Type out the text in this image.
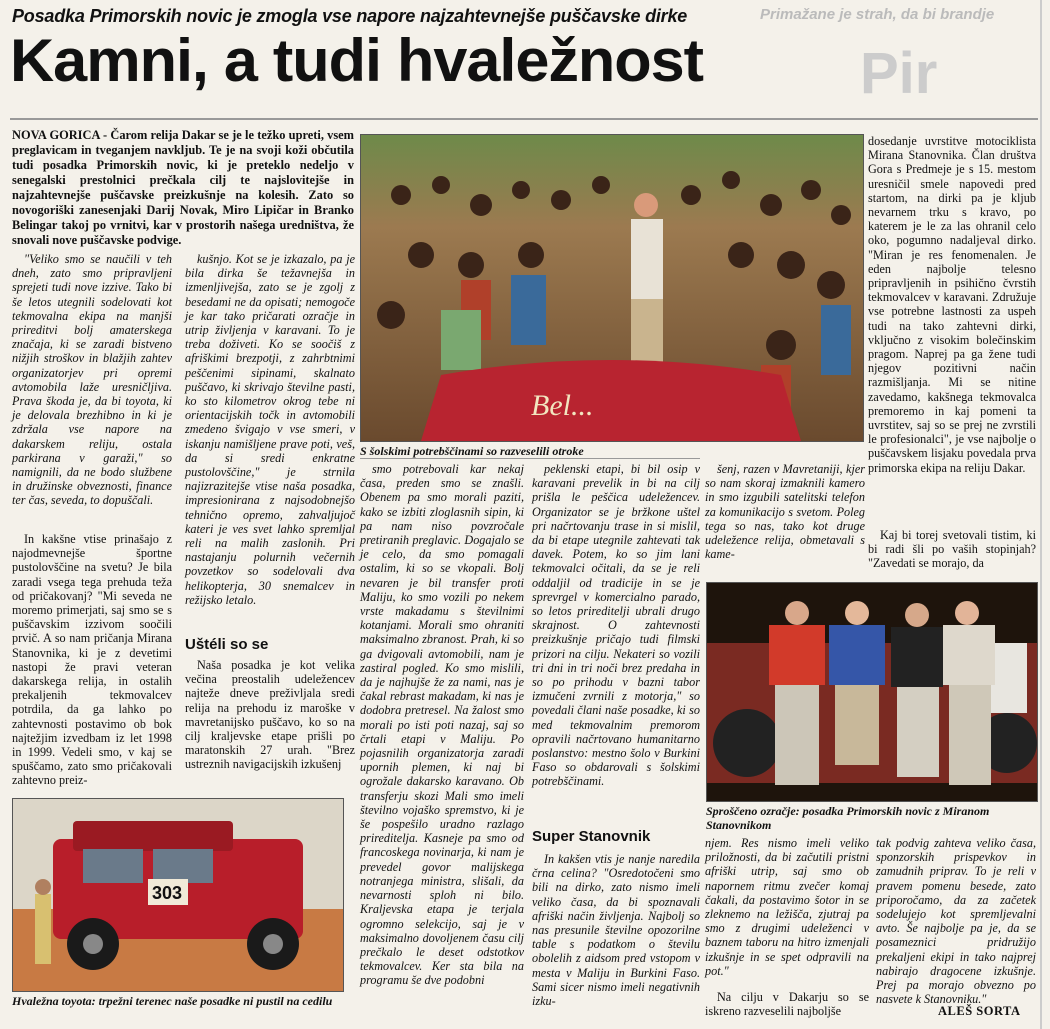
Primažane je strah, da bi brandje
Pir
Posadka Primorskih novic je zmogla vse napore najzahtevnejše puščavske dirke
Kamni, a tudi hvaležnost
NOVA GORICA - Čarom relija Dakar se je le težko upreti, vsem preglavicam in tveganjem navkljub. Te je na svoji koži občutila tudi posadka Primorskih novic, ki je preteklo nedeljo v senegalski prestolnici prečkala cilj te najslovitejše in najzahtevnejše puščavske preizkušnje na kolesih. Zato so novogoriški zanesenjaki Darij Novak, Miro Lipičar in Branko Belingar takoj po vrnitvi, kar v prostorih našega uredništva, že snovali nove puščavske podvige.

"Veliko smo se naučili v teh dneh, zato smo pripravljeni sprejeti tudi nove izzive. Tako bi še letos utegnili sodelovati kot tekmovalna ekipa na manjši prireditvi bolj amaterskega značaja, ki se zaradi bistveno nižjih stroškov in blažjih zahtev organizatorjev pri opremi avtomobila laže uresničljiva. Prava škoda je, da bi toyota, ki je delovala brezhibno in ki je zdržala vse napore na dakarskem reliju, ostala parkirana v garaži," so namignili, da ne bodo službene in družinske obveznosti, finance ter čas, seveda, to dopuščali.

In kakšne vtise prinašajo z najodmevnejše športne pustolovščine na svetu? Je bila zaradi vsega tega prehuda teža od pričakovanj? "Mi seveda ne moremo primerjati, saj smo se s puščavskim izzivom soočili prvič. A so nam pričanja Mirana Stanovnika, ki je z devetimi nastopi že pravi veteran dakarskega relija, in ostalih prekaljenih tekmovalcev potrdila, da ga lahko po zahtevnosti postavimo ob bok najtežjim izvedbam iz let 1998 in 1999. Vedeli smo, v kaj se spuščamo, zato smo pričakovali zahtevno preiz-

kušnjo. Kot se je izkazalo, pa je bila dirka še težavnejša in izmenljivejša, zato se je zgolj z besedami ne da opisati; nemogoče je kar tako pričarati ozračje in utrip življenja v karavani. To je treba doživeti. Ko se soočiš z afriškimi brezpotji, z zahrbtnimi peščenimi sipinami, skalnato puščavo, ki skrivajo številne pasti, ko sto kilometrov okrog tebe ni orientacijskih točk in avtomobili zmedeno švigajo v vse smeri, v iskanju namišljene prave poti, veš, da si sredi enkratne pustolovščine," je strnila najizrazitejše vtise naša posadka, impresionirana z najsodobnejšo tehnično opremo, zahvaljujoč kateri je ves svet lahko spremljal reli na malih zaslonih. Pri nastajanju polurnih večernih povzetkov so sodelovali dva helikopterja, 30 snemalcev in režijsko letalo.

Uštéli so se

Naša posadka je kot velika večina preostalih udeležencev najteže dneve preživljala sredi relija na prehodu iz maroške v mavretanijsko puščavo, ko so na cilj kraljevske etape prišli po maratonskih 27 urah. "Brez ustreznih navigacijskih izkušenj

Bel...
S šolskimi potrebščinami so razveselili otroke

smo potrebovali kar nekaj časa, preden smo se znašli. Obenem pa smo morali paziti, kako se izbiti zloglasnih sipin, ki pa nam niso povzročale pretiranih preglavic. Dogajalo se je celo, da smo pomagali ostalim, ki so se vkopali. Bolj nevaren je bil transfer proti Maliju, ko smo vozili po nekem vrste makadamu s številnimi kotanjami. Morali smo ohraniti maksimalno zbranost. Prah, ki so ga dvigovali avtomobili, nam je zastiral pogled. Ko smo mislili, da je najhujše že za nami, nas je čakal rebrast makadam, ki nas je dodobra pretresel. Na žalost smo morali po isti poti nazaj, saj so črtali etapi v Maliju. Po pojasnilih organizatorja zaradi upornih plemen, ki naj bi ogrožale dakarsko karavano. Ob transferju skozi Mali smo imeli številno vojaško spremstvo, ki je še pospešilo uradno razlago prireditelja. Kasneje pa smo od francoskega novinarja, ki nam je prevedel govor malijskega notranjega ministra, slišali, da nevarnosti sploh ni bilo. Kraljevska etapa je terjala ogromno selekcijo, saj je v maksimalno dovoljenem času cilj prečkalo le deset odstotkov tekmovalcev. Ker sta bila na programu še dve podobni

peklenski etapi, bi bil osip v karavani prevelik in bi na cilj prišla le peščica udeležencev. Organizator se je bržkone uštel pri načrtovanju trase in si mislil, da bi etape utegnile zahtevati tak davek. Potem, ko so jim lani tekmovalci očitali, da se je reli oddaljil od tradicije in se je sprevrgel v komercialno parado, so letos prireditelji ubrali drugo skrajnost. O zahtevnosti preizkušnje pričajo tudi filmski prizori na cilju. Nekateri so vozili tri dni in tri noči brez predaha in so po prihodu v bazni tabor izmučeni zvrnili z motorja," so povedali člani naše posadke, ki so med tekmovalnim premorom opravili načrtovano humanitarno poslanstvo: mestno šolo v Burkini Faso so obdarovali s šolskimi potrebščinami.

Super Stanovnik

In kakšen vtis je nanje naredila črna celina? "Osredotočeni smo bili na dirko, zato nismo imeli veliko časa, da bi spoznavali afriški način življenja. Najbolj so nas presunile številne opozorilne table s podatkom o številu obolelih z aidsom pred vstopom v mesta v Maliju in Burkini Faso. Sami sicer nismo imeli negativnih izku-

dosedanje uvrstitve motociklista Mirana Stanovnika. Član društva Gora s Predmeje je s 15. mestom uresničil smele napovedi pred startom, na dirki pa je kljub nevarnem trku s kravo, po katerem je le za las ohranil celo oko, pogumno nadaljeval dirko. "Miran je res fenomenalen. Je eden najbolje telesno pripravljenih in psihično čvrstih tekmovalcev v karavani. Združuje vse potrebne lastnosti za uspeh tudi na tako zahtevni dirki, vključno z visokim bolečinskim pragom. Naprej pa ga žene tudi njegov pozitivni način razmišljanja. Mi se nitine zavedamo, kakšnega tekmovalca premoremo in kaj pomeni ta uvrstitev, saj so se prej ne zvrstili le profesionalci", je vse najbolje o puščavskem lisjaku povedala prva primorska ekipa na reliju Dakar.

šenj, razen v Mavretaniji, kjer so nam skoraj izmaknili kamero in smo izgubili satelitski telefon za komunikacijo s svetom. Poleg tega so nas, tako kot druge udeležence relija, obmetavali s kame-

Kaj bi torej svetovali tistim, ki bi radi šli po vaših stopinjah? "Zavedati se morajo, da

Sproščeno ozračje: posadka Primorskih novic z Miranom Stanovnikom

njem. Res nismo imeli veliko priložnosti, da bi začutili pristni afriški utrip, saj smo ob napornem ritmu zvečer komaj čakali, da postavimo šotor in se zleknemo na ležišča, zjutraj pa smo z drugimi udeleženci v baznem taboru na hitro izmenjali izkušnje in se spet odpravili na pot."

Na cilju v Dakarju so se iskreno razveselili najboljše

tak podvig zahteva veliko časa, sponzorskih prispevkov in zamudnih priprav. To je reli v pravem pomenu besede, zato priporočamo, da za začetek sodelujejo kot spremljevalni avto. Še najbolje pa je, da se posameznici pridružijo prekaljeni ekipi in tako najprej nabirajo dragocene izkušnje. Prej pa morajo obvezno po nasvete k Stanovniku."

ALEŠ SORTA
303
Hvaležna toyota: trpežni terenec naše posadke ni pustil na cedilu
